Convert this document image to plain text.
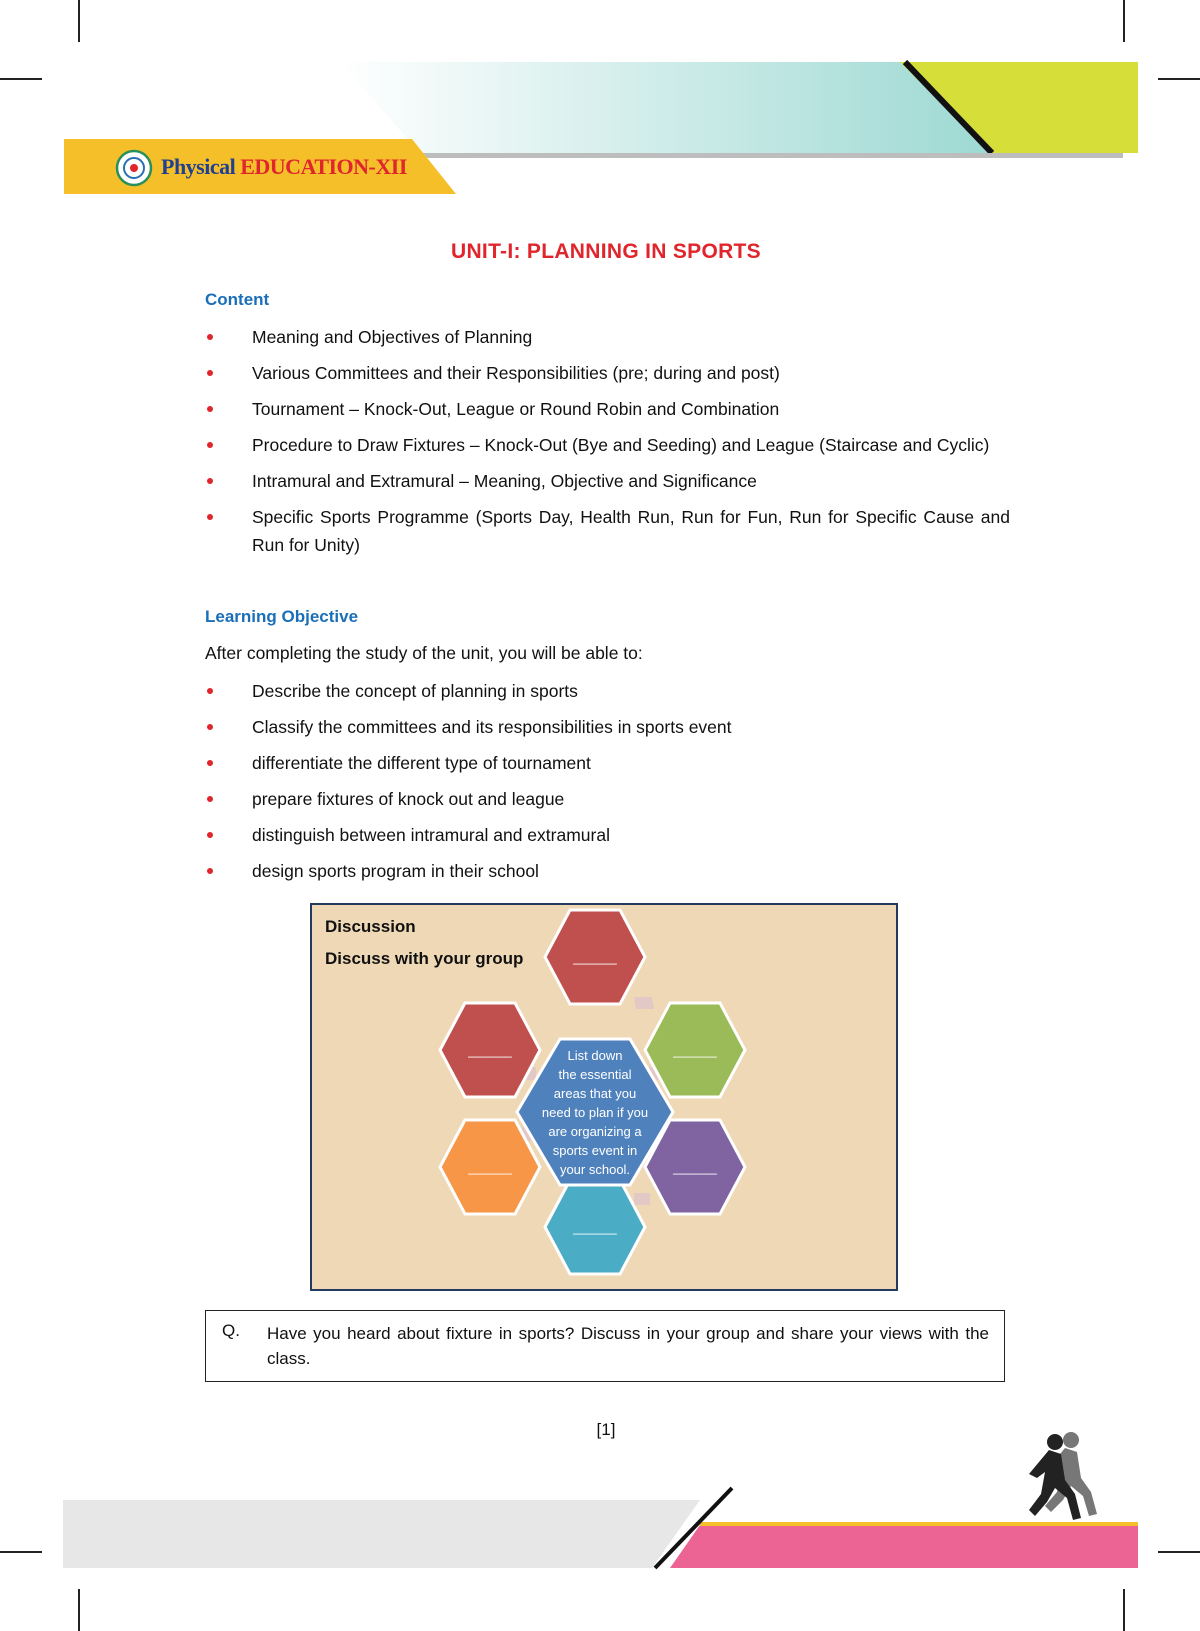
Physical EDUCATION-XII
UNIT-I: PLANNING IN SPORTS
Content
Meaning and Objectives of Planning
Various Committees and their Responsibilities (pre; during and post)
Tournament – Knock-Out, League or Round Robin and Combination
Procedure to Draw Fixtures – Knock-Out (Bye and Seeding) and League (Staircase and Cyclic)
Intramural and Extramural – Meaning, Objective and Significance
Specific Sports Programme (Sports Day, Health Run, Run for Fun, Run for Specific Cause and Run for Unity)
Learning Objective
After completing the study of the unit, you will be able to:
Describe the concept of planning in sports
Classify the committees and its responsibilities in sports event
differentiate the different type of tournament
prepare fixtures of knock out and league
distinguish between intramural and extramural
design sports program in their school
Discussion
Discuss with your group	______
______	______
______	______
______
List down
the essential
areas that you
need to plan if you
are organizing a
sports event in
your school.
Q. Have you heard about fixture in sports? Discuss in your group and share your views with the class.
[1]
